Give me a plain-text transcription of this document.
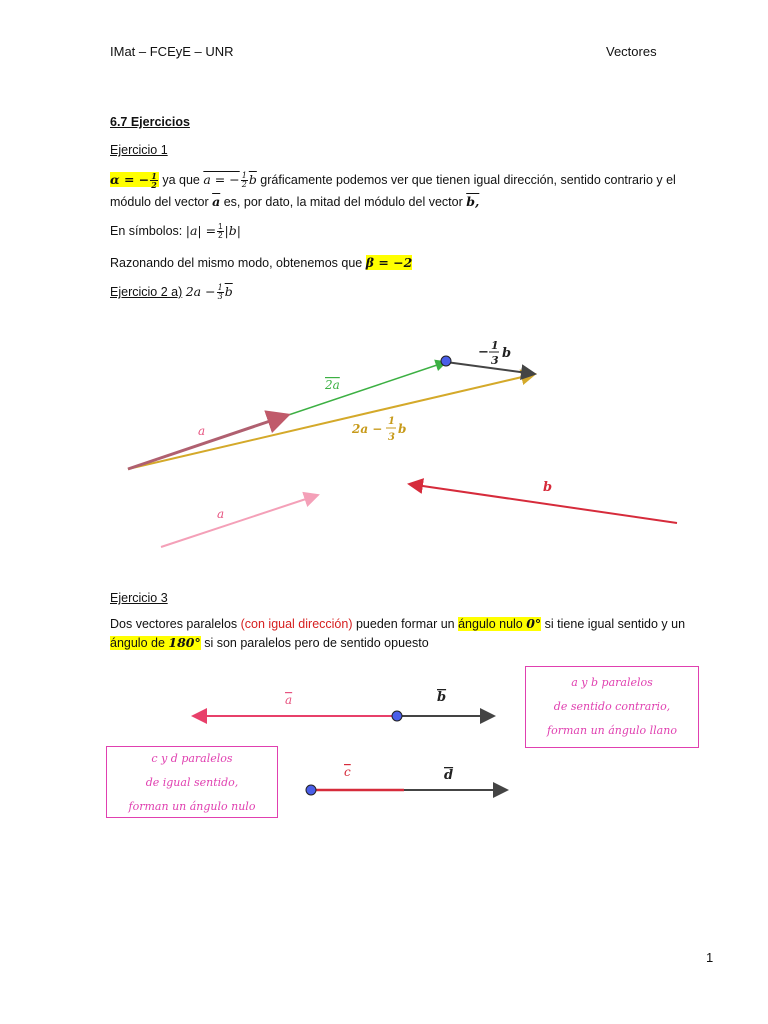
IMat – FCEyE – UNR	Vectores
6.7 Ejercicios
Ejercicio 1
α = − $\frac{1}{2}$ ya que a = − $\frac{1}{2} \overline{b}$ gráficamente podemos ver que tienen igual dirección, sentido contrario y el
módulo del vector $\overline{a}$ es, por dato, la mitad del módulo del vector b,
En símbolos: $|a| = \frac{1}{2} |b|$
Razonando del mismo modo, obtenemos que β = −2
Ejercicio 2 a) $2a - \frac{1}{3} \overline{b}$
2a
a
a
b
− 1
3 b
2a −
1
3
b
a	b
c	d
Ejercicio 3
Dos vectores paralelos (con igual dirección) pueden formar un ángulo nulo 0° si tiene igual sentido y un
ángulo de 180° si son paralelos pero de sentido opuesto
a y b paralelos
de sentido contrario,
forman un ángulo llano
c y d paralelos
de igual sentido,
forman un ángulo nulo
1
